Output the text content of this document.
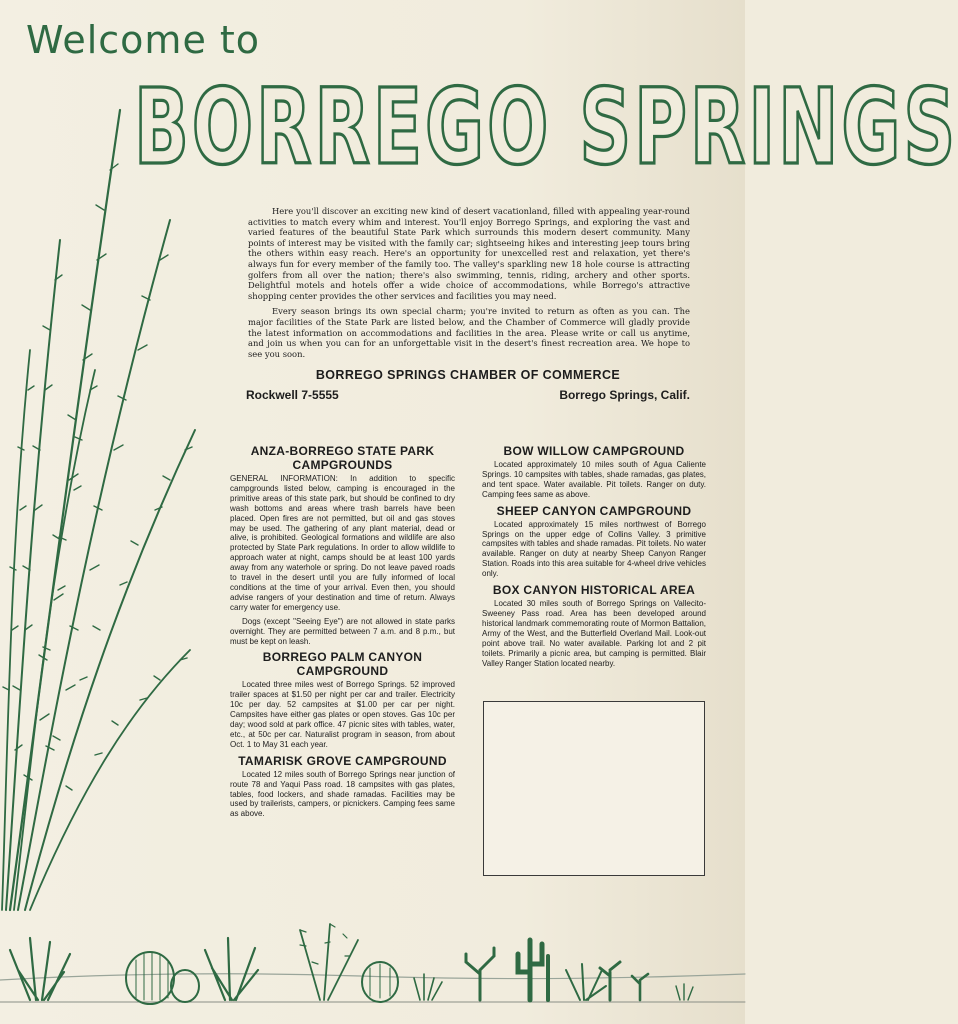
Welcome to
BORREGO SPRINGS

Here you'll discover an exciting new kind of desert vacationland, filled with appealing year-round activities to match every whim and interest. You'll enjoy Borrego Springs, and exploring the vast and varied features of the beautiful State Park which surrounds this modern desert community. Many points of interest may be visited with the family car; sightseeing hikes and interesting jeep tours bring the others within easy reach. Here's an opportunity for unexcelled rest and relaxation, yet there's always fun for every member of the family too. The valley's sparkling new 18 hole course is attracting golfers from all over the nation; there's also swimming, tennis, riding, archery and other sports. Delightful motels and hotels offer a wide choice of accommodations, while Borrego's attractive shopping center provides the other services and facilities you may need.

Every season brings its own special charm; you're invited to return as often as you can. The major facilities of the State Park are listed below, and the Chamber of Commerce will gladly provide the latest information on accommodations and facilities in the area. Please write or call us anytime, and join us when you can for an unforgettable visit in the desert's finest recreation area. We hope to see you soon.

BORREGO SPRINGS CHAMBER OF COMMERCE
Rockwell 7-5555	Borrego Springs, Calif.
ANZA-BORREGO STATE PARK CAMPGROUNDS

GENERAL INFORMATION: In addition to specific campgrounds listed below, camping is encouraged in the primitive areas of this state park, but should be confined to dry wash bottoms and areas where trash barrels have been placed. Open fires are not permitted, but oil and gas stoves may be used. The gathering of any plant material, dead or alive, is prohibited. Geological formations and wildlife are also protected by State Park regulations. In order to allow wildlife to approach water at night, camps should be at least 100 yards away from any waterhole or spring. Do not leave paved roads to travel in the desert until you are fully informed of local conditions at the time of your arrival. Even then, you should advise rangers of your destination and time of return. Always carry water for emergency use.

Dogs (except "Seeing Eye") are not allowed in state parks overnight. They are permitted between 7 a.m. and 8 p.m., but must be kept on leash.

BORREGO PALM CANYON CAMPGROUND

Located three miles west of Borrego Springs. 52 improved trailer spaces at $1.50 per night per car and trailer. Electricity 10c per day. 52 campsites at $1.00 per car per night. Campsites have either gas plates or open stoves. Gas 10c per day; wood sold at park office. 47 picnic sites with tables, water, etc., at 50c per car. Naturalist program in season, from about Oct. 1 to May 31 each year.

TAMARISK GROVE CAMPGROUND

Located 12 miles south of Borrego Springs near junction of route 78 and Yaqui Pass road. 18 campsites with gas plates, tables, food lockers, and shade ramadas. Facilities may be used by trailerists, campers, or picnickers. Camping fees same as above.

BOW WILLOW CAMPGROUND

Located approximately 10 miles south of Agua Caliente Springs. 10 campsites with tables, shade ramadas, gas plates, and tent space. Water available. Pit toilets. Ranger on duty. Camping fees same as above.

SHEEP CANYON CAMPGROUND

Located approximately 15 miles northwest of Borrego Springs on the upper edge of Collins Valley. 3 primitive campsites with tables and shade ramadas. Pit toilets. No water available. Ranger on duty at nearby Sheep Canyon Ranger Station. Roads into this area suitable for 4-wheel drive vehicles only.

BOX CANYON HISTORICAL AREA

Located 30 miles south of Borrego Springs on Vallecito-Sweeney Pass road. Area has been developed around historical landmark commemorating route of Mormon Battalion, Army of the West, and the Butterfield Overland Mail. Look-out point above trail. No water available. Parking lot and 2 pit toilets. Primarily a picnic area, but camping is permitted. Blair Valley Ranger Station located nearby.
